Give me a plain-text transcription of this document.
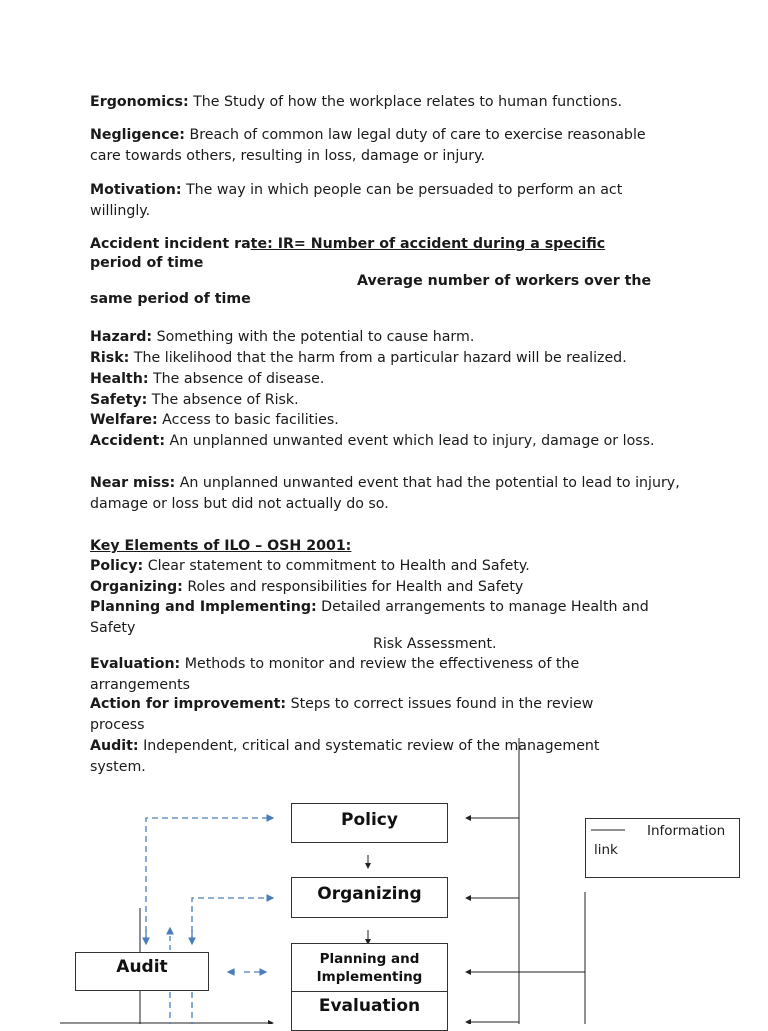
Ergonomics: The Study of how the workplace relates to human functions.

Negligence: Breach of common law legal duty of care to exercise reasonable care towards others, resulting in loss, damage or injury.

Motivation: The way in which people can be persuaded to perform an act willingly.

Accident incident rate: IR= Number of accident during a specific

period of time

Average number of workers over the

same period of time

Hazard: Something with the potential to cause harm.

Risk: The likelihood that the harm from a particular hazard will be realized.

Health: The absence of disease.

Safety: The absence of Risk.

Welfare: Access to basic facilities.

Accident: An unplanned unwanted event which lead to injury, damage or loss.

Near miss: An unplanned unwanted event that had the potential to lead to injury, damage or loss but did not actually do so.

Key Elements of ILO – OSH 2001:

Policy: Clear statement to commitment to Health and Safety.

Organizing: Roles and responsibilities for Health and Safety

Planning and Implementing: Detailed arrangements to manage Health and Safety

Risk Assessment.

Evaluation: Methods to monitor and review the effectiveness of the arrangements

Action for improvement: Steps to correct issues found in the review process

Audit: Independent, critical and systematic review of the management system.

Policy
Organizing
Planning and Implementing
Evaluation
Audit
Information
link
